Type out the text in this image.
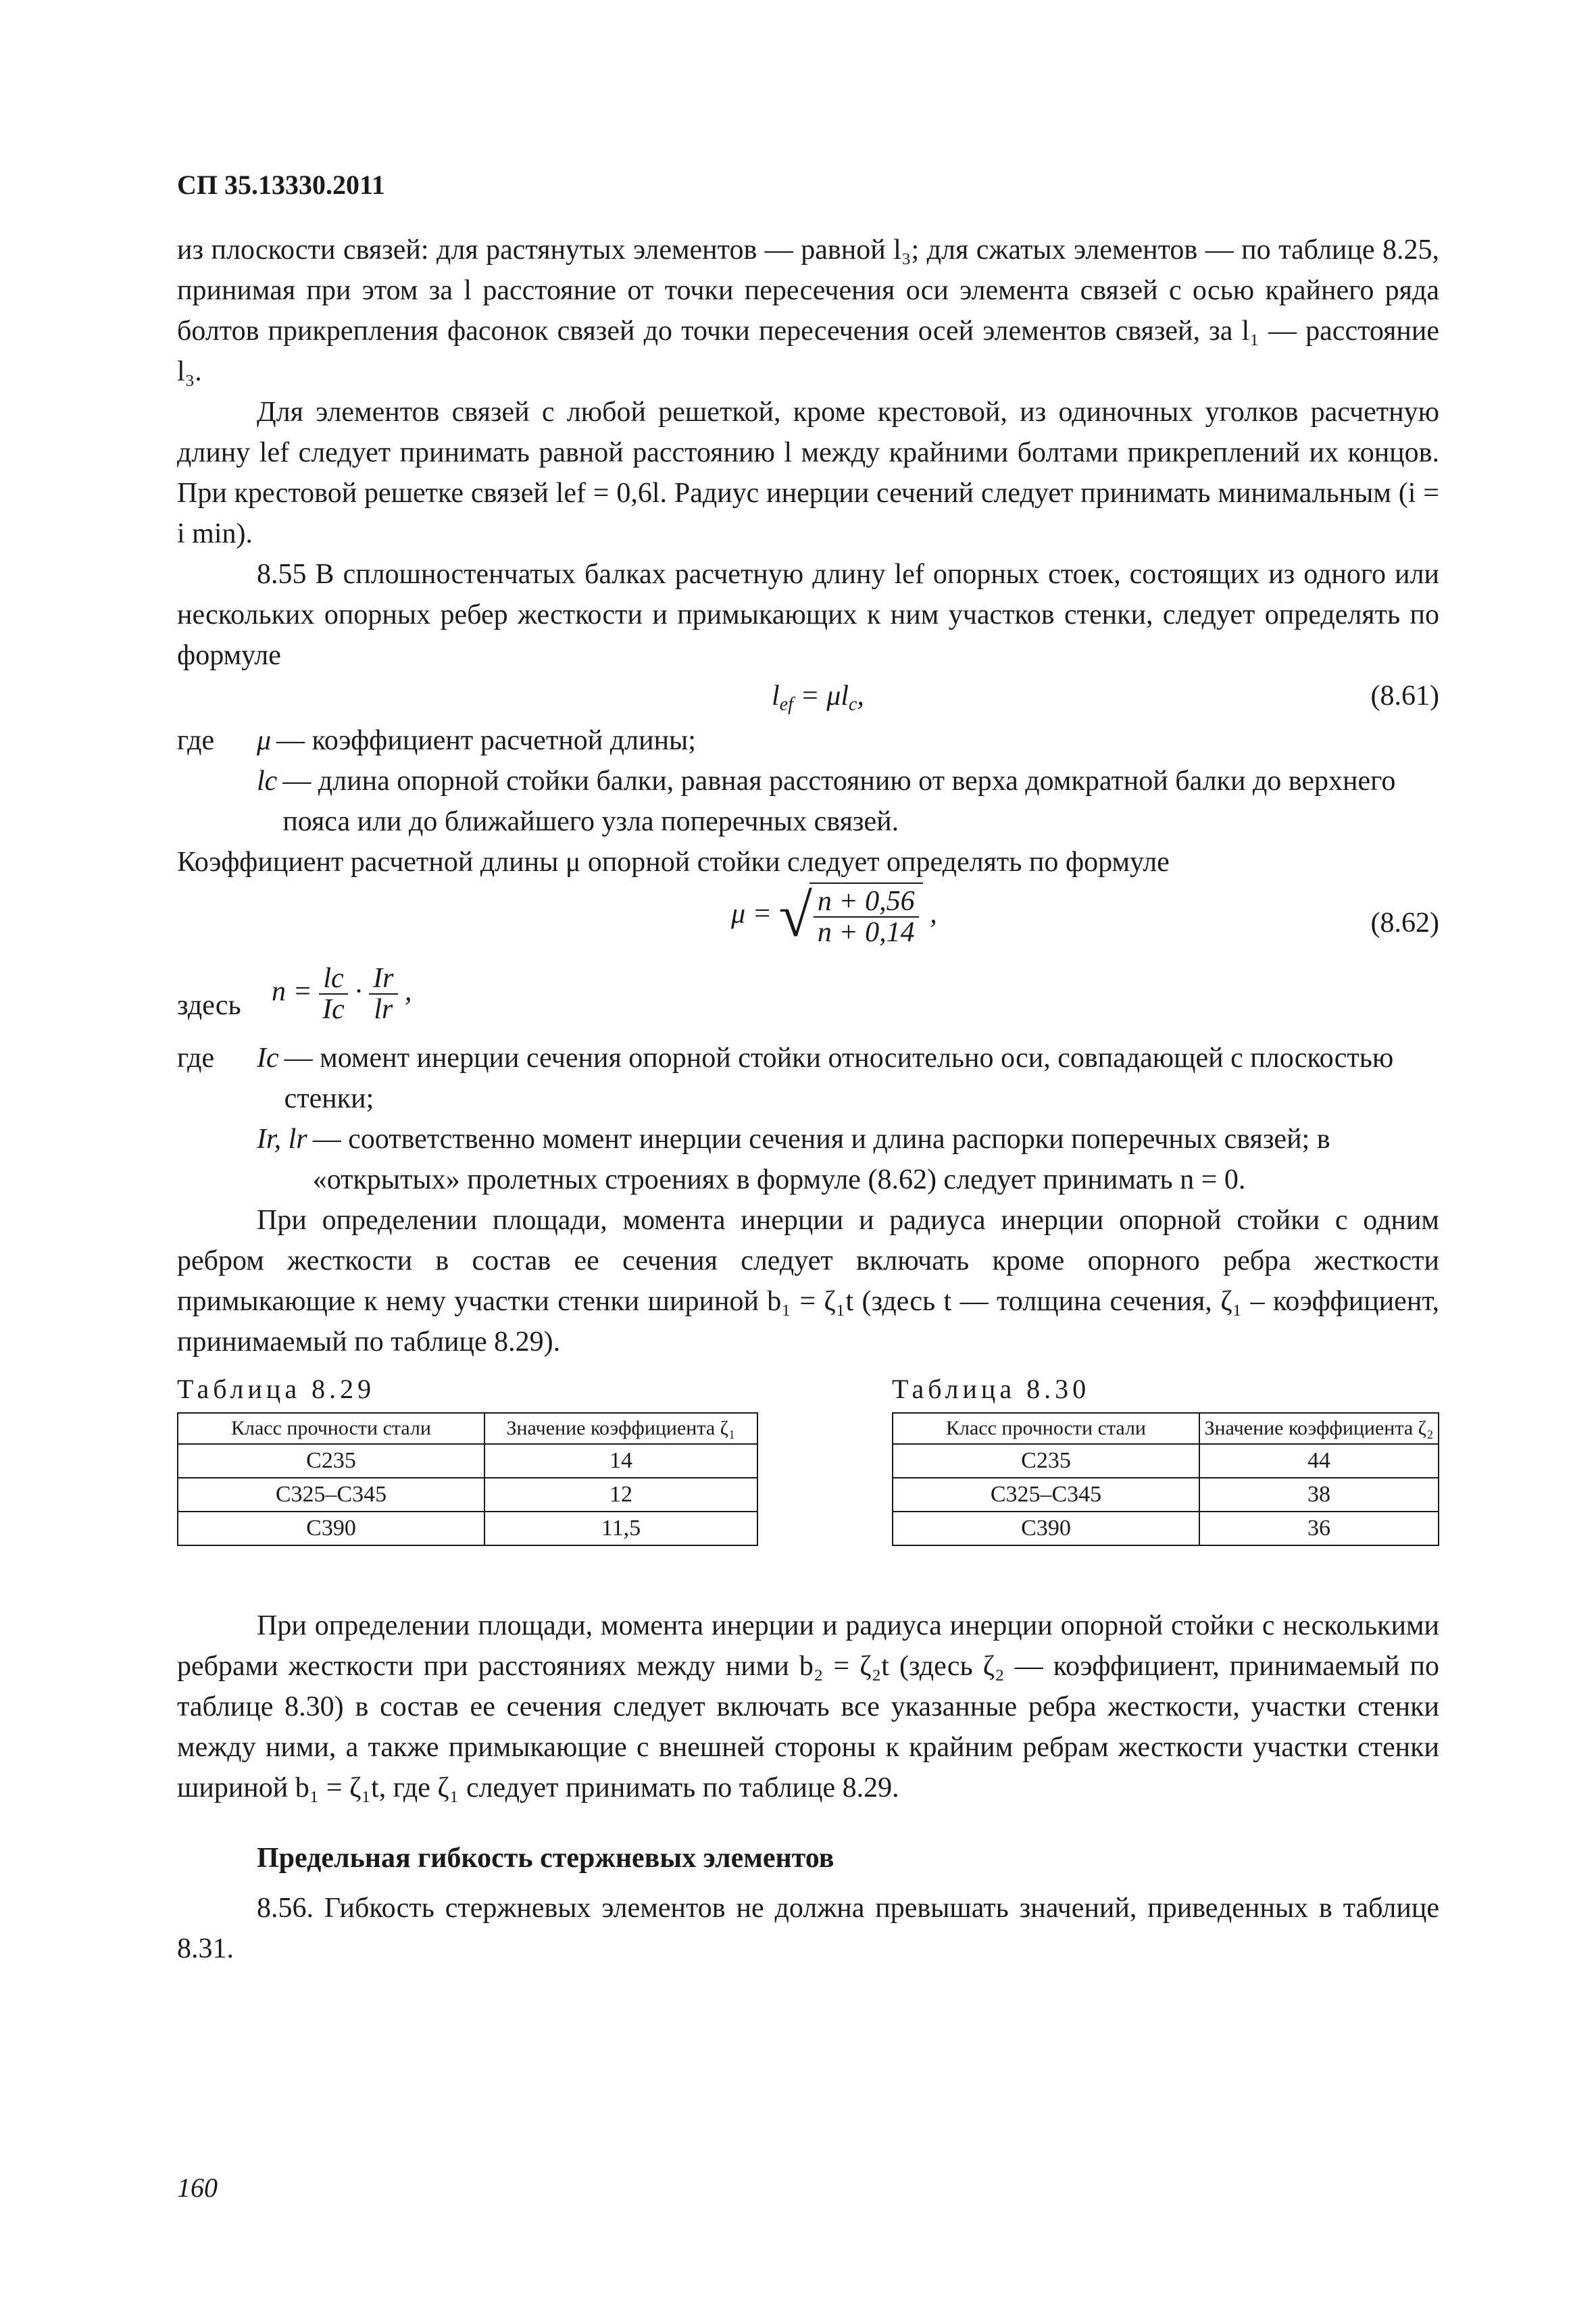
СП 35.13330.2011

из плоскости связей: для растянутых элементов — равной l₃; для сжатых элементов — по таблице 8.25, принимая при этом за l расстояние от точки пересечения оси элемента связей с осью крайнего ряда болтов прикрепления фасонок связей до точки пересечения осей элементов связей, за l₁ — расстояние l₃.

Для элементов связей с любой решеткой, кроме крестовой, из одиночных уголков расчетную длину lef следует принимать равной расстоянию l между крайними болтами прикреплений их концов. При крестовой решетке связей lef = 0,6l. Радиус инерции сечений следует принимать минимальным (i = i min).

8.55 В сплошностенчатых балках расчетную длину lef опорных стоек, состоящих из одного или нескольких опорных ребер жесткости и примыкающих к ним участков стенки, следует определять по формуле

$l_{ef} = \mu l_c$,	(8.61)
где	μ — коэффициент расчетной длины;
lc — длина опорной стойки балки, равная расстоянию от верха домкратной балки до верхнего пояса или до ближайшего узла поперечных связей.

Коэффициент расчетной длины μ опорной стойки следует определять по формуле

μ = √ $\frac{n + 0,56}{n + 0,14}$ ,	(8.62)
здесь $n = \frac{lc}{Ic} \cdot \frac{Ir}{lr}$ ,
где	Ic — момент инерции сечения опорной стойки относительно оси, совпадающей с плоскостью стенки;
Ir, lr — соответственно момент инерции сечения и длина распорки поперечных связей; в «открытых» пролетных строениях в формуле (8.62) следует принимать n = 0.

При определении площади, момента инерции и радиуса инерции опорной стойки с одним ребром жесткости в состав ее сечения следует включать кроме опорного ребра жесткости примыкающие к нему участки стенки шириной b₁ = ζ₁t (здесь t — толщина сечения, ζ₁ – коэффициент, принимаемый по таблице 8.29).

Таблица 8.29
Класс прочности стали	Значение коэффициента ζ₁
С235	14
С325–С345	12
С390	11,5
Таблица 8.30
Класс прочности стали	Значение коэффициента ζ₂
С235	44
С325–С345	38
С390	36

При определении площади, момента инерции и радиуса инерции опорной стойки с несколькими ребрами жесткости при расстояниях между ними b₂ = ζ₂t (здесь ζ₂ — коэффициент, принимаемый по таблице 8.30) в состав ее сечения следует включать все указанные ребра жесткости, участки стенки между ними, а также примыкающие с внешней стороны к крайним ребрам жесткости участки стенки шириной b₁ = ζ₁t, где ζ₁ следует принимать по таблице 8.29.

Предельная гибкость стержневых элементов

8.56. Гибкость стержневых элементов не должна превышать значений, приведенных в таблице 8.31.

160
